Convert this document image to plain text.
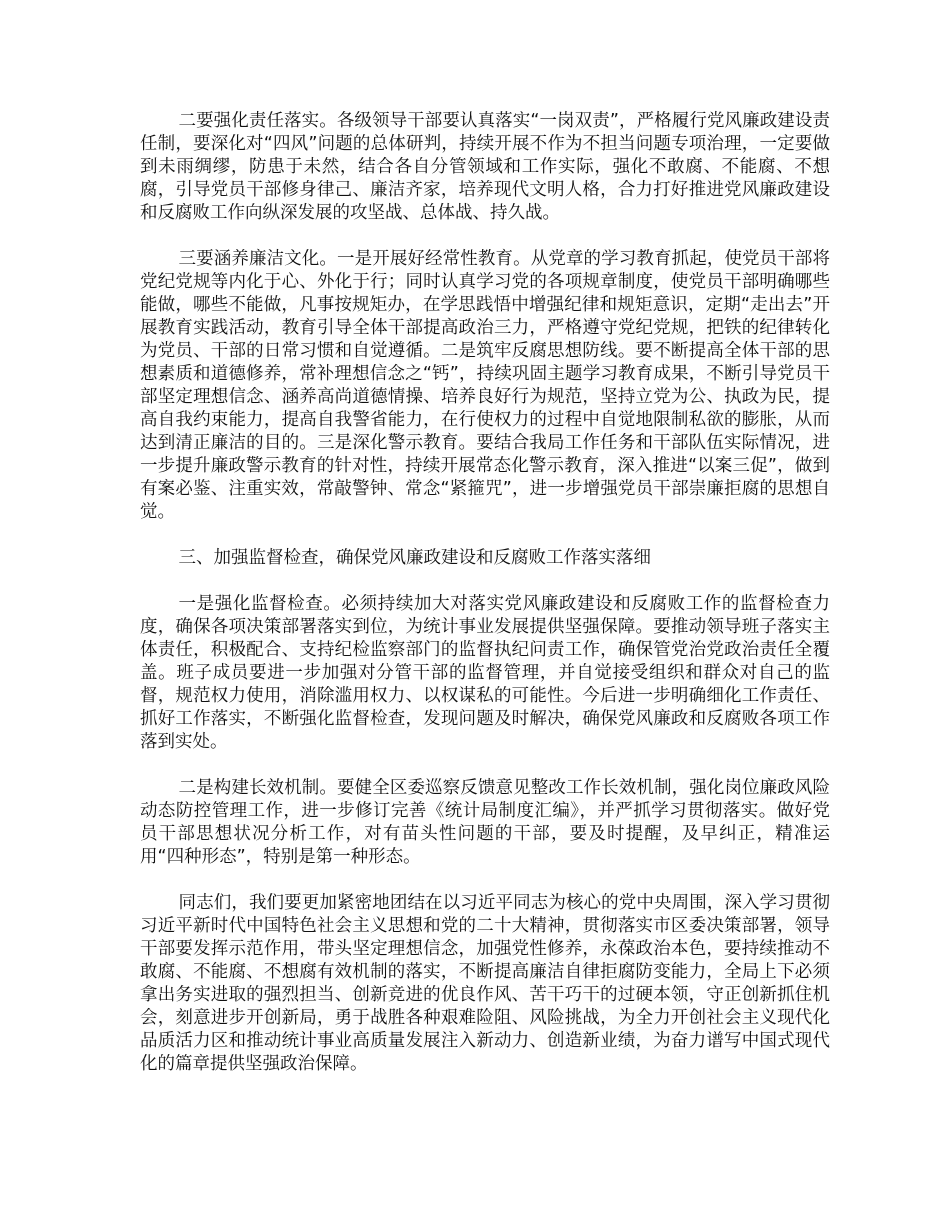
二要强化责任落实。各级领导干部要认真落实“一岗双责”，严格履行党风廉政建设责任制，要深化对“四风”问题的总体研判，持续开展不作为不担当问题专项治理，一定要做到未雨绸缪，防患于未然，结合各自分管领域和工作实际，强化不敢腐、不能腐、不想腐，引导党员干部修身律己、廉洁齐家，培养现代文明人格，合力打好推进党风廉政建设和反腐败工作向纵深发展的攻坚战、总体战、持久战。

三要涵养廉洁文化。一是开展好经常性教育。从党章的学习教育抓起，使党员干部将党纪党规等内化于心、外化于行；同时认真学习党的各项规章制度，使党员干部明确哪些能做，哪些不能做，凡事按规矩办，在学思践悟中增强纪律和规矩意识，定期“走出去”开展教育实践活动，教育引导全体干部提高政治三力，严格遵守党纪党规，把铁的纪律转化为党员、干部的日常习惯和自觉遵循。二是筑牢反腐思想防线。要不断提高全体干部的思想素质和道德修养，常补理想信念之“钙”，持续巩固主题学习教育成果，不断引导党员干部坚定理想信念、涵养高尚道德情操、培养良好行为规范，坚持立党为公、执政为民，提高自我约束能力，提高自我警省能力，在行使权力的过程中自觉地限制私欲的膨胀，从而达到清正廉洁的目的。三是深化警示教育。要结合我局工作任务和干部队伍实际情况，进一步提升廉政警示教育的针对性，持续开展常态化警示教育，深入推进“以案三促”，做到有案必鉴、注重实效，常敲警钟、常念“紧箍咒”，进一步增强党员干部崇廉拒腐的思想自觉。

三、加强监督检查，确保党风廉政建设和反腐败工作落实落细

一是强化监督检查。必须持续加大对落实党风廉政建设和反腐败工作的监督检查力度，确保各项决策部署落实到位，为统计事业发展提供坚强保障。要推动领导班子落实主体责任，积极配合、支持纪检监察部门的监督执纪问责工作，确保管党治党政治责任全覆盖。班子成员要进一步加强对分管干部的监督管理，并自觉接受组织和群众对自己的监督，规范权力使用，消除滥用权力、以权谋私的可能性。今后进一步明确细化工作责任、抓好工作落实，不断强化监督检查，发现问题及时解决，确保党风廉政和反腐败各项工作落到实处。

二是构建长效机制。要健全区委巡察反馈意见整改工作长效机制，强化岗位廉政风险动态防控管理工作，进一步修订完善《统计局制度汇编》，并严抓学习贯彻落实。做好党员干部思想状况分析工作，对有苗头性问题的干部，要及时提醒，及早纠正，精准运用“四种形态”，特别是第一种形态。

同志们，我们要更加紧密地团结在以习近平同志为核心的党中央周围，深入学习贯彻习近平新时代中国特色社会主义思想和党的二十大精神，贯彻落实市区委决策部署，领导干部要发挥示范作用，带头坚定理想信念，加强党性修养，永葆政治本色，要持续推动不敢腐、不能腐、不想腐有效机制的落实，不断提高廉洁自律拒腐防变能力，全局上下必须拿出务实进取的强烈担当、创新竞进的优良作风、苦干巧干的过硬本领，守正创新抓住机会，刻意进步开创新局，勇于战胜各种艰难险阻、风险挑战，为全力开创社会主义现代化品质活力区和推动统计事业高质量发展注入新动力、创造新业绩，为奋力谱写中国式现代化的篇章提供坚强政治保障。
